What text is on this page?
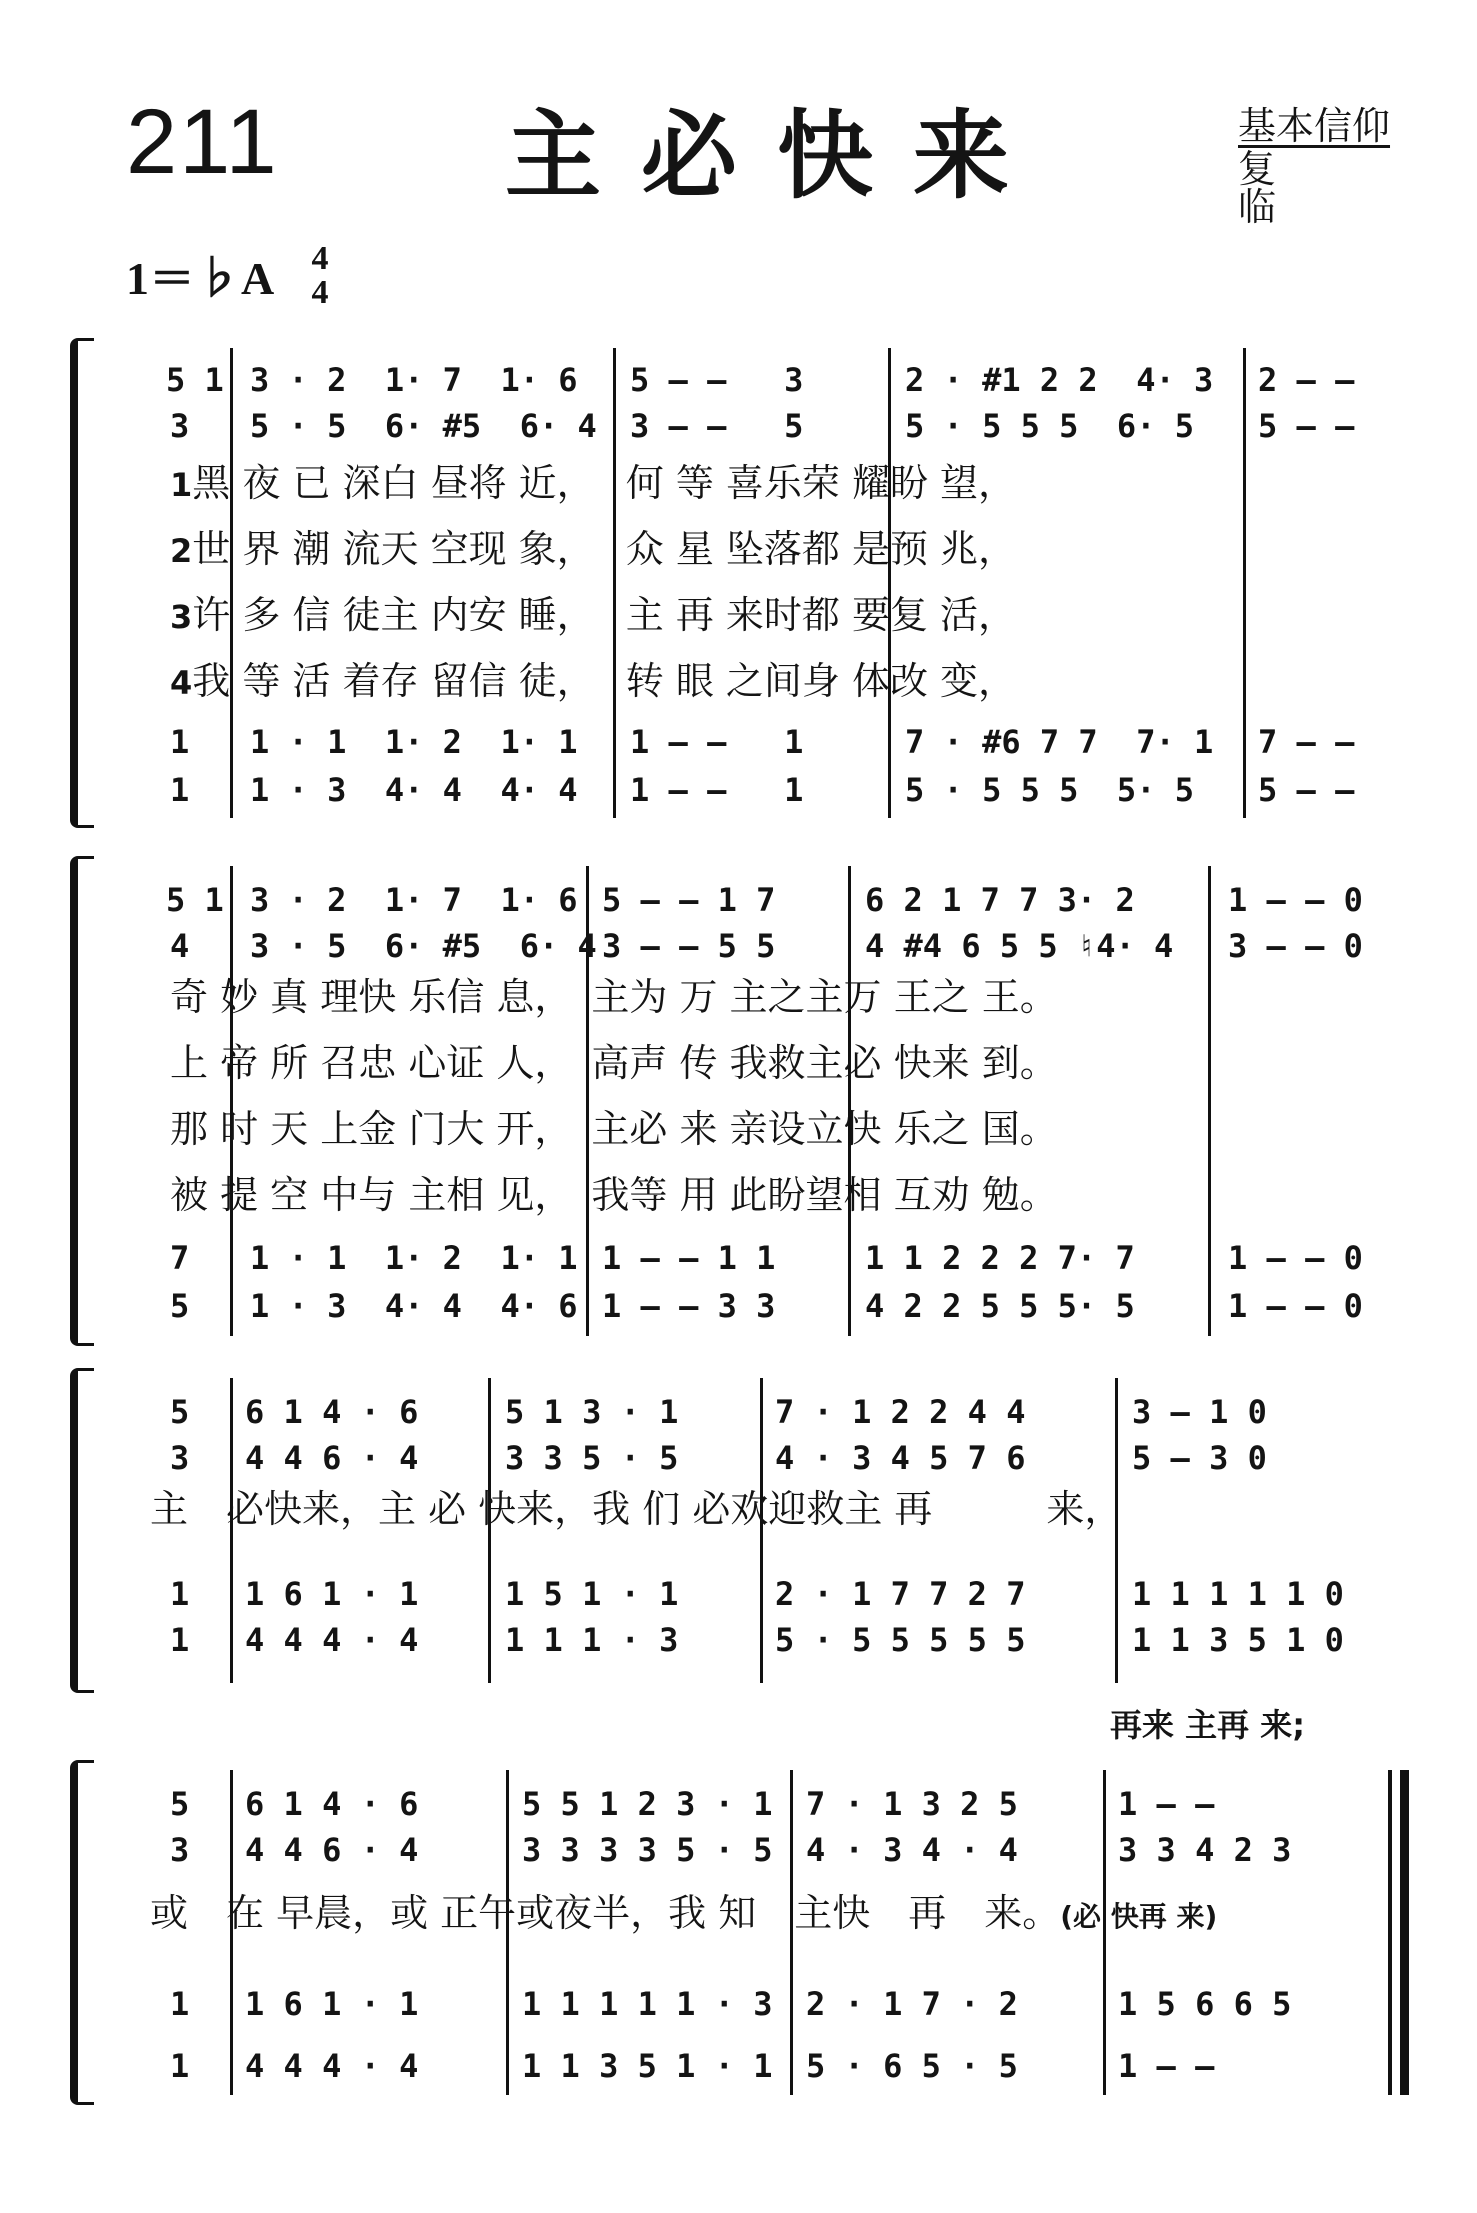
211 主必快来	基本信仰
复　临
1＝♭A	4
4
5 1 3 · 2  1· 7  1· 6 5 – –   3	2 · #1 2 2  4· 3 2 – –
3 5 · 5  6· #5  6· 4 3 – –   5	5 · 5 5 5  6· 5 5 – –
1黑 夜 已 深白 昼将 近，　 何 等 喜乐荣 耀盼 望，
2世 界 潮 流天 空现 象，　 众 星 坠落都 是预 兆，
3许 多 信 徒主 内安 睡，　 主 再 来时都 要复 活，
4我 等 活 着存 留信 徒，　 转 眼 之间身 体改 变，
1 1 · 1  1· 2  1· 1 1 – –   1	7 · #6 7 7  7· 1 7 – –
1 1 · 3  4· 4  4· 4 1 – –   1	5 · 5 5 5  5· 5 5 – –
5 1 3 · 2  1· 7  1· 6 5 – – 1 7	6 2 1 7 7 3· 2	1 – – 0
4 3 · 5  6· #5  6· 4 3 – – 5 5	4 #4 6 5 5 ♮4· 4 3 – – 0
奇 妙 真 理快 乐信 息，　主为 万 主之主万 王之 王。
上 帝 所 召忠 心证 人，　高声 传 我救主必 快来 到。
那 时 天 上金 门大 开，　主必 来 亲设立快 乐之 国。
被 提 空 中与 主相 见，　我等 用 此盼望相 互劝 勉。
7 1 · 1  1· 2  1· 1 1 – – 1 1	1 1 2 2 2 7· 7	1 – – 0
5 1 · 3  4· 4  4· 6 1 – – 3 3	4 2 2 5 5 5· 5	1 – – 0
5 6 1 4 · 6	5 1 3 · 1	7 · 1 2 2 4 4	3 – 1 0
3 4 4 6 · 4	3 3 5 · 5	4 · 3 4 5 7 6	5 – 3 0
主　必快来，主 必 快来，我 们 必欢迎救主 再　　　来，
1 1 6 1 · 1	1 5 1 · 1	2 · 1 7 7 2 7	1 1 1 1 1 0
1 4 4 4 · 4	1 1 1 · 3	5 · 5 5 5 5 5	1 1 3 5 1 0
再来 主再 来;
5 6 1 4 · 6	5 5 1 2 3 · 1 7 · 1 3 2 5	1 – –
3 4 4 6 · 4	3 3 3 3 5 · 5 4 · 3 4 · 4	3 3 4 2 3
或　在 早晨，或 正午或夜半，我 知　主快　再　来。(必 快再 来)
1 1 6 1 · 1	1 1 1 1 1 · 3 2 · 1 7 · 2	1 5 6 6 5
1 4 4 4 · 4	1 1 3 5 1 · 1 5 · 6 5 · 5	1 – –
